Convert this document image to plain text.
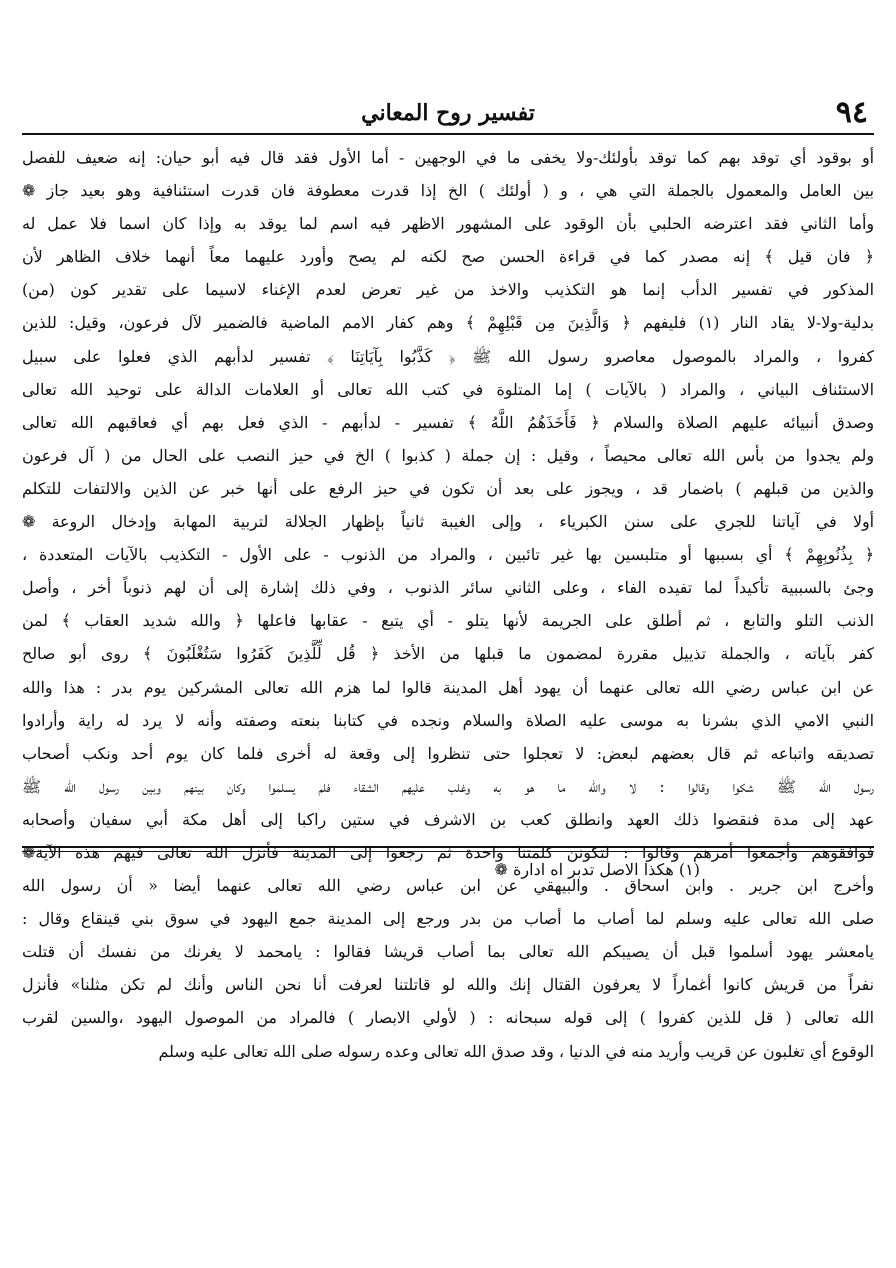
٩٤
تفسير روح المعاني
أو بوقود أي توقد بهم كما توقد بأولئك-ولا يخفى ما في الوجهين - أما الأول فقد قال فيه أبو حيان: إنه ضعيف للفصل
بين العامل والمعمول بالجملة التي هي ، و ( أولئك ) الخ إذا قدرت معطوفة فان قدرت استئنافية وهو بعيد جاز ❁
وأما الثاني فقد اعترضه الحلبي بأن الوقود على المشهور الاظهر فيه اسم لما يوقد به وإذا كان اسما فلا عمل له
﴿ فان قيل ﴾ إنه مصدر كما في قراءة الحسن صح لكنه لم يصح وأورد عليهما معاً أنهما خلاف الظاهر لأن
المذكور في تفسير الدأب إنما هو التكذيب والاخذ من غير تعرض لعدم الإغناء لاسيما على تقدير كون (من)
بدلية-ولا-لا يقاد النار (١) فليفهم ﴿ وَالَّذِينَ مِن قَبْلِهِمْ ﴾ وهم كفار الامم الماضية فالضمير لآل فرعون، وقيل: للذين
كفروا ، والمراد بالموصول معاصرو رسول الله ﷺ ﴿ كَذَّبُوا بِآيَاتِنَا ﴾ تفسير لدأبهم الذي فعلوا على سبيل
الاستئناف البياني ، والمراد ( بالآيات ) إما المتلوة في كتب الله تعالى أو العلامات الدالة على توحيد الله تعالى
وصدق أنبيائه عليهم الصلاة والسلام ﴿ فَأَخَذَهُمُ اللَّهُ ﴾ تفسير - لدأبهم - الذي فعل بهم أي فعاقبهم الله تعالى
ولم يجدوا من بأس الله تعالى محيصاً ، وقيل : إن جملة ( كذبوا ) الخ في حيز النصب على الحال من ( آل فرعون
والذين من قبلهم ) باضمار قد ، ويجوز على بعد أن تكون في حيز الرفع على أنها خبر عن الذين والالتفات للتكلم
أولا في آياتنا للجري على سنن الكبرياء ، وإلى الغيبة ثانياً بإظهار الجلالة لتربية المهابة وإدخال الروعة ❁
﴿ بِذُنُوبِهِمْ ﴾ أي بسببها أو متلبسين بها غير تائبين ، والمراد من الذنوب - على الأول - التكذيب بالآيات المتعددة ،
وجئ بالسببية تأكيداً لما تفيده الفاء ، وعلى الثاني سائر الذنوب ، وفي ذلك إشارة إلى أن لهم ذنوباً أخر ، وأصل
الذنب التلو والتابع ، ثم أطلق على الجريمة لأنها يتلو - أي يتبع - عقابها فاعلها ﴿ والله شديد العقاب ﴾ لمن
كفر بآياته ، والجملة تذييل مقررة لمضمون ما قبلها من الأخذ ﴿ قُل لِّلَّذِينَ كَفَرُوا سَتُغْلَبُونَ ﴾ روى أبو صالح
عن ابن عباس رضي الله تعالى عنهما أن يهود أهل المدينة قالوا لما هزم الله تعالى المشركين يوم بدر : هذا والله
النبي الامي الذي بشرنا به موسى عليه الصلاة والسلام ونجده في كتابنا بنعته وصفته وأنه لا يرد له راية وأرادوا
تصديقه واتباعه ثم قال بعضهم لبعض: لا تعجلوا حتى تنظروا إلى وقعة له أخرى فلما كان يوم أحد ونكب أصحاب
رسول الله ﷺ شكوا وقالوا : لا والله ما هو به وغلب عليهم الشقاء فلم يسلموا وكان بينهم وبين رسول الله ﷺ
عهد إلى مدة فنقضوا ذلك العهد وانطلق كعب بن الاشرف في ستين راكبا إلى أهل مكة أبي سفيان وأصحابه
فوافقوهم وأجمعوا أمرهم وقالوا : لتكونن كلمتنا واحدة ثم رجعوا إلى المدينة فأنزل الله تعالى فيهم هذه الآية❁
وأخرج ابن جرير . وابن اسحاق . والبيهقي عن ابن عباس رضي الله تعالى عنهما أيضا « أن رسول الله
صلى الله تعالى عليه وسلم لما أصاب ما أصاب من بدر ورجع إلى المدينة جمع اليهود في سوق بني قينقاع وقال :
يامعشر يهود أسلموا قبل أن يصيبكم الله تعالى بما أصاب قريشا فقالوا : يامحمد لا يغرنك من نفسك أن قتلت
نفراً من قريش كانوا أغماراً لا يعرفون القتال إنك والله لو قاتلتنا لعرفت أنا نحن الناس وأنك لم تكن مثلنا» فأنزل
الله تعالى ( قل للذين كفروا ) إلى قوله سبحانه : ( لأولي الابصار ) فالمراد من الموصول اليهود ،والسين لقرب
الوقوع أي تغلبون عن قريب وأريد منه في الدنيا ، وقد صدق الله تعالى وعده رسوله صلى الله تعالى عليه وسلم
(١) هكذا الاصل تدبر اه ادارة ❁
